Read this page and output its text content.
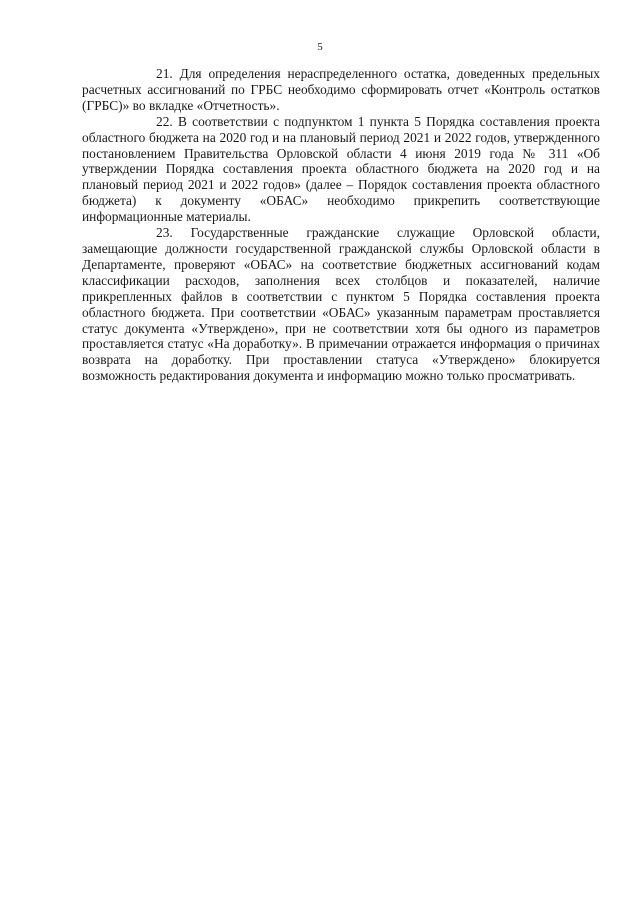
5

21. Для определения нераспределенного остатка, доведенных предельных расчетных ассигнований по ГРБС необходимо сформировать отчет «Контроль остатков (ГРБС)» во вкладке «Отчетность».

22. В соответствии с подпунктом 1 пункта 5 Порядка составления проекта областного бюджета на 2020 год и на плановый период 2021 и 2022 годов, утвержденного постановлением Правительства Орловской области 4 июня 2019 года № 311 «Об утверждении Порядка составления проекта областного бюджета на 2020 год и на плановый период 2021 и 2022 годов» (далее – Порядок составления проекта областного бюджета) к документу «ОБАС» необходимо прикрепить соответствующие информационные материалы.

23. Государственные гражданские служащие Орловской области, замещающие должности государственной гражданской службы Орловской области в Департаменте, проверяют «ОБАС» на соответствие бюджетных ассигнований кодам классификации расходов, заполнения всех столбцов и показателей, наличие прикрепленных файлов в соответствии с пунктом 5 Порядка составления проекта областного бюджета. При соответствии «ОБАС» указанным параметрам проставляется статус документа «Утверждено», при не соответствии хотя бы одного из параметров проставляется статус «На доработку». В примечании отражается информация о причинах возврата на доработку. При проставлении статуса «Утверждено» блокируется возможность редактирования документа и информацию можно только просматривать.
